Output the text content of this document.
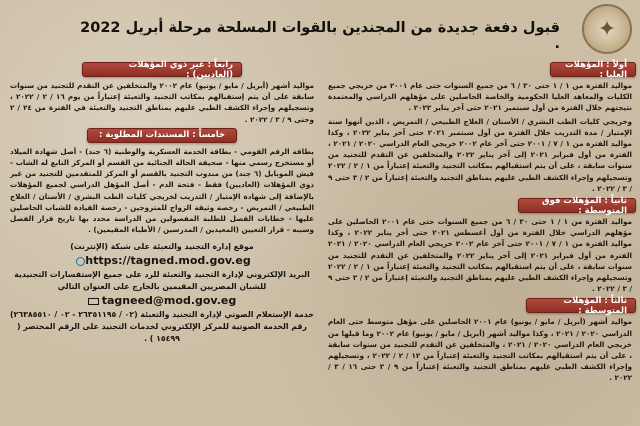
✦
قبول دفعة جديدة من المجندين بالقوات المسلحة مرحلة أبريل 2022 .
أولاً : المؤهلات العليا :
مواليد الفترة من ١ / ١ حتى ٣٠ / ٦ من جميع السنوات حتى عام ٢٠٠١ من خريجي جميع الكليات والمعاهد العليا الحكومية والخاصة الحاصلين على مؤهلهم الدراسي والمعتمدة نتيجتهم خلال الفترة من أول سبتمبر ٢٠٢١ حتى آخر يناير ٢٠٢٢ .
وخريجي كليات الطب البشري / الأسنان / العلاج الطبيعي / التمريض ، الذين أنهوا سنة الإمتياز / مدة التدريب خلال الفترة من أول سبتمبر ٢٠٢١ حتى آخر يناير ٢٠٢٢ ، وكذا مواليد الفترة من ١ / ٧ / ٢٠٠١ حتى آخر عام ٢٠٠٢ خريجي العام الدراسي ٢٠٢٠ / ٢٠٢١ ، الفترة من أول فبراير ٢٠٢١ إلى آخر يناير ٢٠٢٢ والمتخلفين عن التقدم للتجنيد من سنوات سابقة ، على أن يتم استقبالهم بمكاتب التجنيد والتعبئة إعتباراً من ١ / ٢ / ٢٠٢٢ وتسجيلهم وإجراء الكشف الطبي عليهم بمناطق التجنيد والتعبئة إعتباراً من ٢ / ٣ حتى ٩ / ٣ / ٢٠٢٢ .
ثانياً : المؤهلات فوق المتوسطة :
مواليد الفترة من ١ / ١ حتى ٣٠ / ٦ من جميع السنوات حتى عام ٢٠٠١ الحاصلين على مؤهلهم الدراسي خلال الفترة من أول أغسطس ٢٠٢١ حتى آخر يناير ٢٠٢٢ ، وكذا مواليد الفترة من ١ / ٧ / ٢٠٠١ حتى آخر عام ٢٠٠٢ خريجي العام الدراسي ٢٠٢٠ / ٢٠٢١ الفترة من أول فبراير ٢٠٢١ إلى آخر يناير ٢٠٢٢ والمتخلفين عن التقدم للتجنيد من سنوات سابقة ، على أن يتم استقبالهم بمكاتب التجنيد والتعبئة إعتباراً من ١ / ٢ / ٢٠٢٢ وتسجيلهم وإجراء الكشف الطبي عليهم بمناطق التجنيد والتعبئة إعتباراً من ٢ / ٣ حتى ٩ / ٣ / ٢٠٢٢ .
ثالثاً : المؤهلات المتوسطة :
مواليد أشهر (أبريل / مايو / يونيو) عام ٢٠٠١ الحاصلين على مؤهل متوسط حتى العام الدراسي ٢٠٢٠ / ٢٠٢١ ، وكذا مواليد أشهر (أبريل / مايو / يونيو) عام ٢٠٠٢ وما قبلها من خريجي العام الدراسي ٢٠٢٠ / ٢٠٢١ ، والمتخلفين عن التقدم للتجنيد من سنوات سابقة ، على أن يتم استقبالهم بمكاتب التجنيد والتعبئة إعتباراً من ١٢ / ٢ / ٢٠٢٢ ، وتسجيلهم وإجراء الكشف الطبي عليهم بمناطق التجنيد والتعبئة إعتباراً من ٩ / ٣ حتى ١٦ / ٣ / ٢٠٢٢ .
رابعاً : غير ذوي المؤهلات (العاديين) :
مواليد أشهر (أبريل / مايو / يونيو) عام ٢٠٠٢ والمتخلفين عن التقدم للتجنيد من سنوات سابقة على أن يتم إستقبالهم بمكاتب التجنيد والتعبئة إعتباراً من يوم ١٦ / ٢ / ٢٠٢٢ ، وتسجيلهم وإجراء الكشف الطبي عليهم بمناطق التجنيد والتعبئة في الفترة من ٢٤ / ٢ وحتى ٩ / ٣ / ٢٠٢٢ .
خامساً : المستندات المطلوبة :
بطاقة الرقم القومي - بطاقة الخدمة العسكرية والوطنية (٦ جند) - أصل شهادة الميلاد أو مستخرج رسمي منها - صحيفة الحالة الجنائية من القسم أو المركز التابع له الشاب - فيش الموبايل (٦ جند) من مندوب التجنيد بالقسم أو المركز للمتقدمين للتجنيد من غير ذوي المؤهلات (العاديين) فقط - فتحة الدم - أصل المؤهل الدراسي لجميع المؤهلات بالإضافة إلى شهادة الإمتياز / التدريب لخريجي كليات الطب البشري / الأسنان / العلاج الطبيعي / التمريض - رخصة وثيقة الزواج للمتزوجين - رخصة القيادة للشباب الحاصلين عليها - خطابات الفصل للطلبة المفصولين من الدراسة محدد بها تاريخ قرار الفصل وسببه - قرار التعيين (المعيدين / المدرسين / الأطباء المقيمين) .
موقع إدارة التجنيد والتعبئة على شبكة (الإنترنت)
https://tagned.mod.gov.eg
البريد الإلكتروني لإدارة التجنيد والتعبئة للرد على جميع الإستفسارات التجنيدية للشبان المصريين المقيمين بالخارج على العنوان التالي
tagneed@mod.gov.eg
خدمة الإستعلام الصوتي لإدارة التجنيد والتعبئة (٠٢ / ٢٦٣٥١١٩٥ - ٠٢ / ٢٦٣٨٥٥١٠)
رقم الخدمة الصوتية للمركز الإلكتروني لخدمات التجنيد على الرقم المختصر ( ١٥٤٩٩ ) .
